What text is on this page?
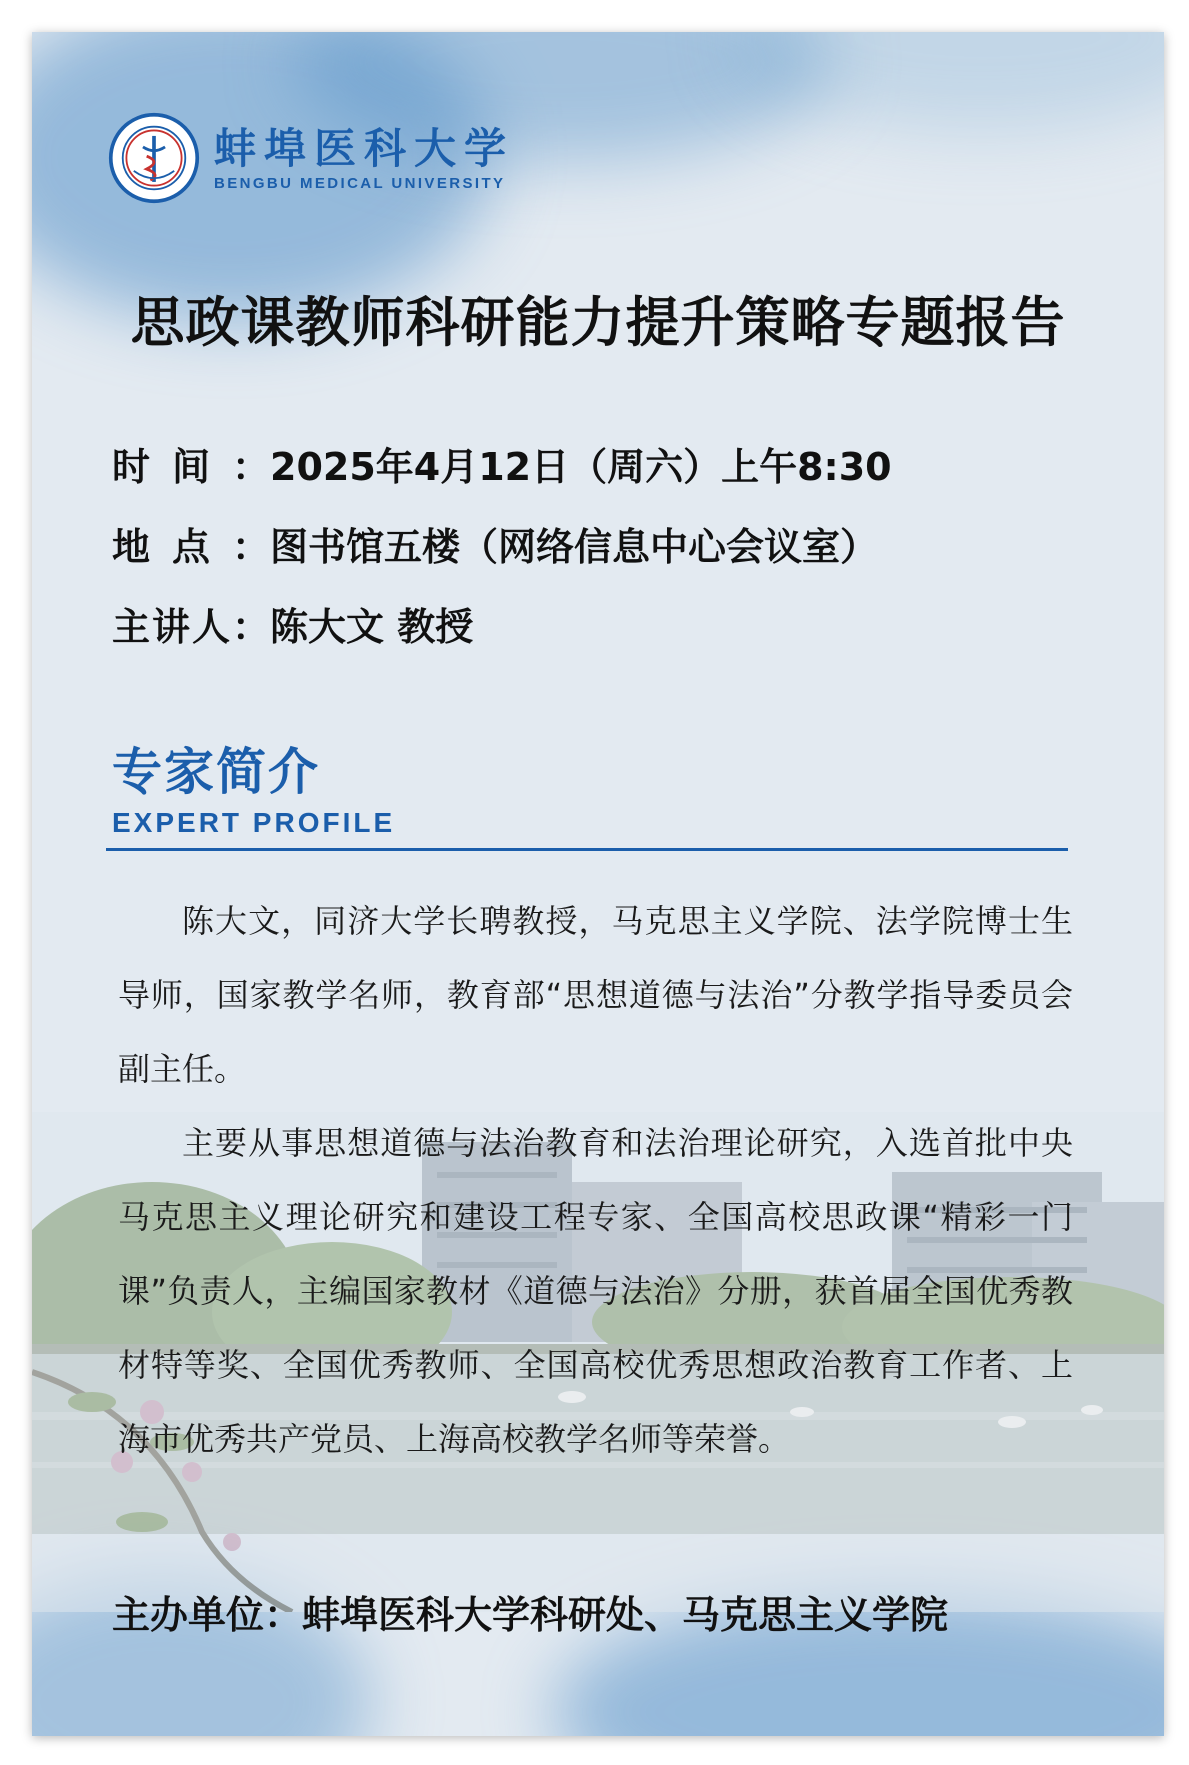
蚌埠医科大学
BENGBU MEDICAL UNIVERSITY
思政课教师科研能力提升策略专题报告
时 间 ： 2025年4月12日（周六）上午8:30
地 点 ： 图书馆五楼（网络信息中心会议室）
主 讲 人 ： 陈大文 教授
专家简介
EXPERT PROFILE

陈大文，同济大学长聘教授，马克思主义学院、法学院博士生导师，国家教学名师，教育部“思想道德与法治”分教学指导委员会副主任。

主要从事思想道德与法治教育和法治理论研究，入选首批中央马克思主义理论研究和建设工程专家、全国高校思政课“精彩一门课”负责人，主编国家教材《道德与法治》分册，获首届全国优秀教材特等奖、全国优秀教师、全国高校优秀思想政治教育工作者、上海市优秀共产党员、上海高校教学名师等荣誉。

主办单位：蚌埠医科大学科研处、马克思主义学院
